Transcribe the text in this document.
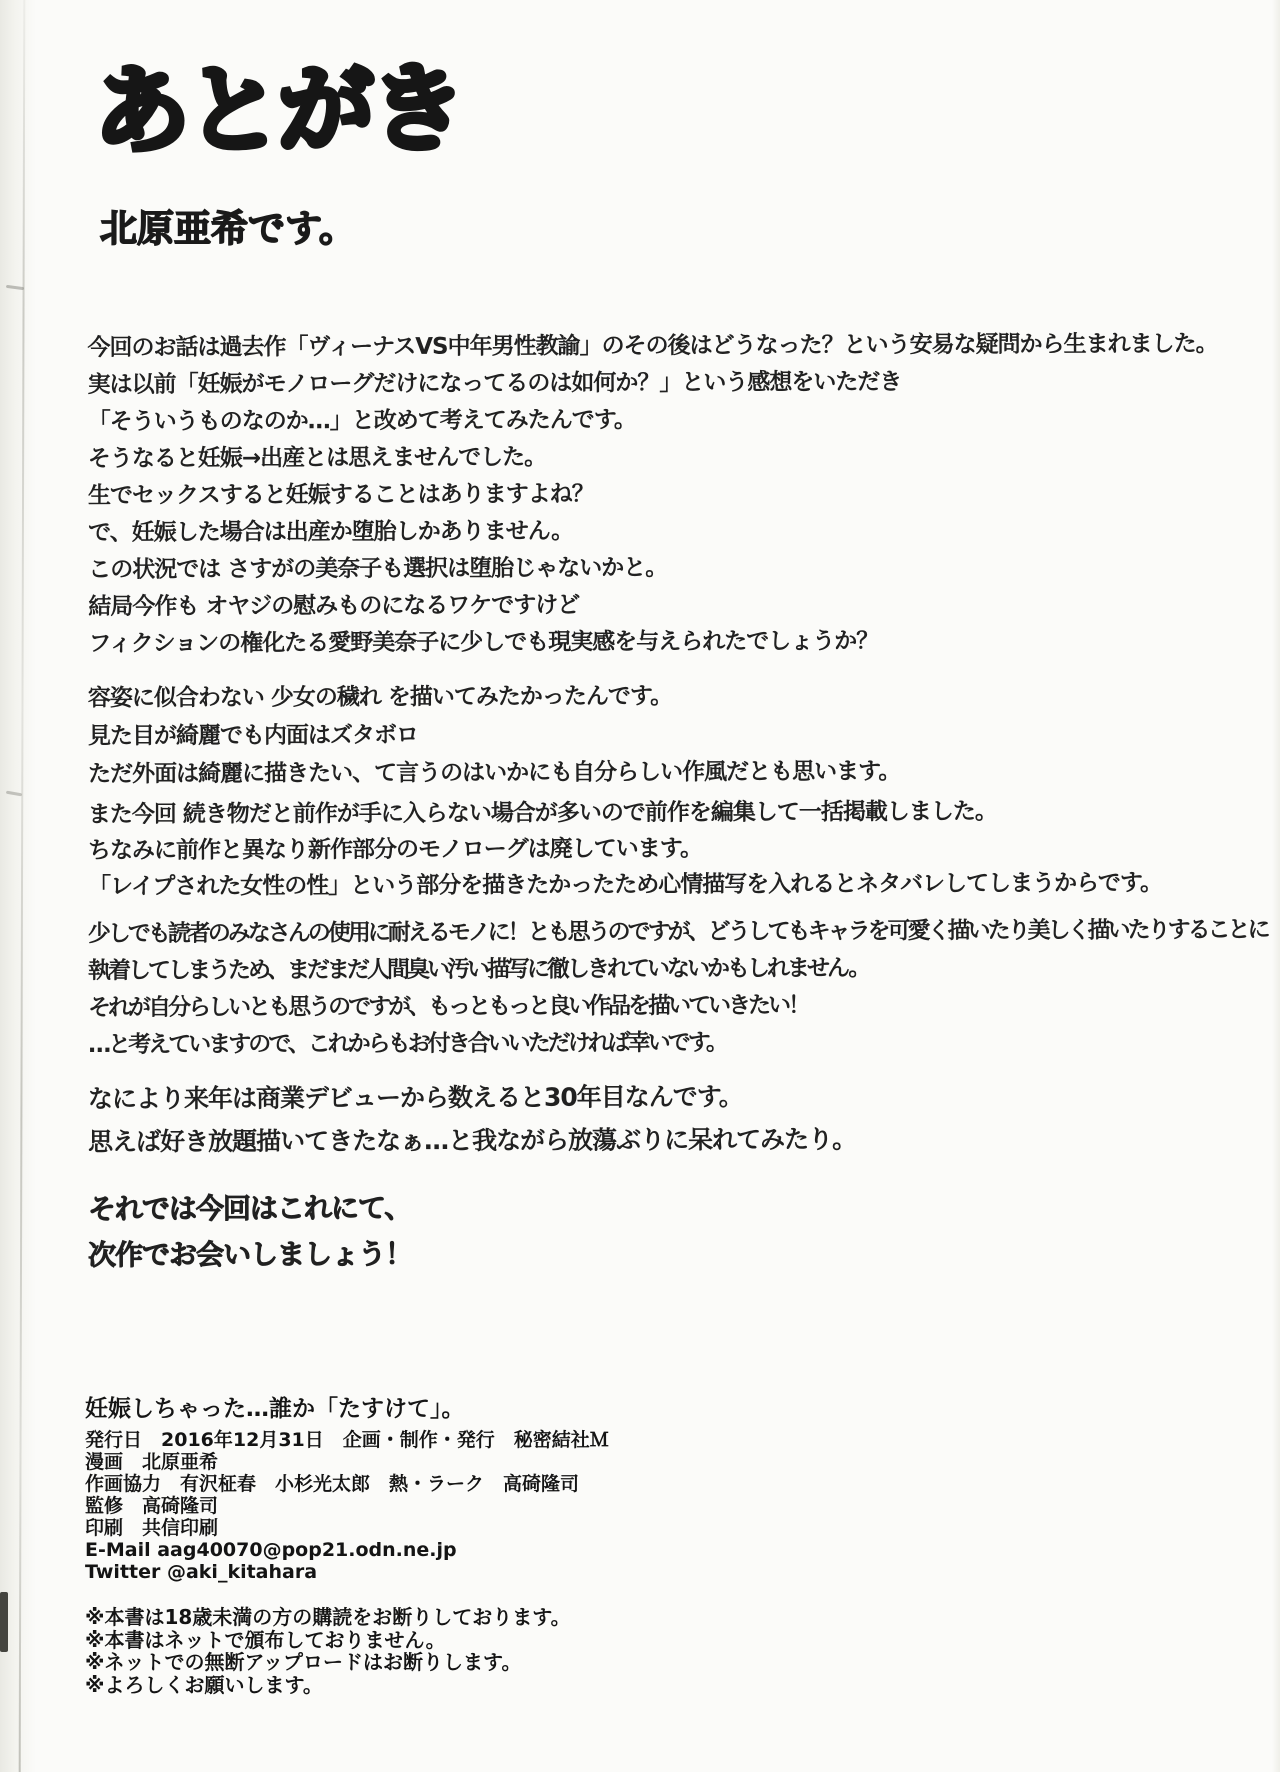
あとがき
北原亜希です。
今回のお話は過去作「ヴィーナスVS中年男性教諭」のその後はどうなった？という安易な疑問から生まれました。
実は以前「妊娠がモノローグだけになってるのは如何か？」という感想をいただき
「そういうものなのか…」と改めて考えてみたんです。
そうなると妊娠→出産とは思えませんでした。
生でセックスすると妊娠することはありますよね？
で、妊娠した場合は出産か堕胎しかありません。
この状況では さすがの美奈子も選択は堕胎じゃないかと。
結局今作も オヤジの慰みものになるワケですけど
フィクションの権化たる愛野美奈子に少しでも現実感を与えられたでしょうか？
容姿に似合わない 少女の穢れ を描いてみたかったんです。
見た目が綺麗でも内面はズタボロ
ただ外面は綺麗に描きたい、て言うのはいかにも自分らしい作風だとも思います。
また今回 続き物だと前作が手に入らない場合が多いので前作を編集して一括掲載しました。
ちなみに前作と異なり新作部分のモノローグは廃しています。
「レイプされた女性の性」という部分を描きたかったため心情描写を入れるとネタバレしてしまうからです。
少しでも読者のみなさんの使用に耐えるモノに！とも思うのですが、どうしてもキャラを可愛く描いたり美しく描いたりすることに
執着してしまうため、まだまだ人間臭い汚い描写に徹しきれていないかもしれません。
それが自分らしいとも思うのですが、もっともっと良い作品を描いていきたい！
…と考えていますので、これからもお付き合いいただければ幸いです。
なにより来年は商業デビューから数えると30年目なんです。
思えば好き放題描いてきたなぁ…と我ながら放蕩ぶりに呆れてみたり。
それでは今回はこれにて、
次作でお会いしましょう！
妊娠しちゃった…誰か「たすけて」。
発行日　2016年12月31日　企画・制作・発行　秘密結社Ｍ
漫画　北原亜希
作画協力　有沢柾春　小杉光太郎　熱・ラーク　高碕隆司
監修　高碕隆司
印刷　共信印刷
E-Mail aag40070@pop21.odn.ne.jp
Twitter @aki_kitahara
※本書は18歳未満の方の購読をお断りしております。
※本書はネットで頒布しておりません。
※ネットでの無断アップロードはお断りします。
※よろしくお願いします。
